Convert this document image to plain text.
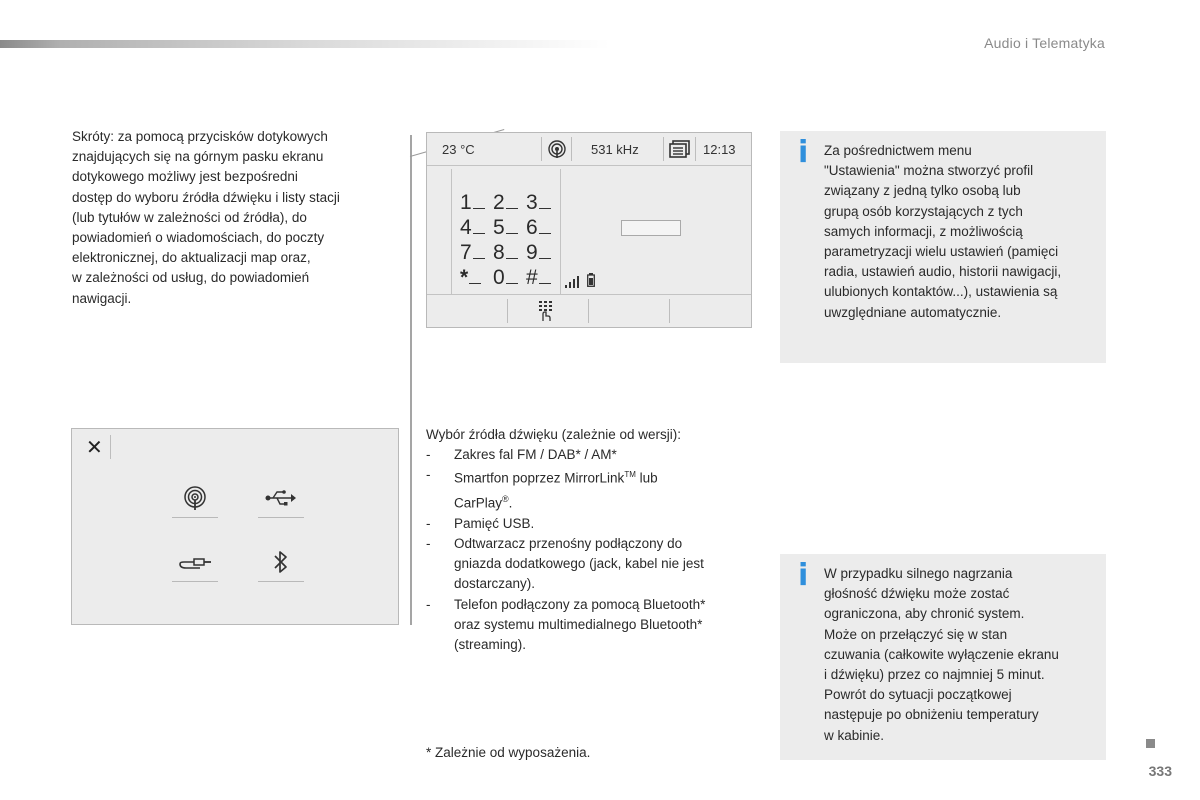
Audio i Telematyka

Skróty: za pomocą przycisków dotykowych
znajdujących się na górnym pasku ekranu
dotykowego możliwy jest bezpośredni
dostęp do wyboru źródła dźwięku i listy stacji
(lub tytułów w zależności od źródła), do
powiadomień o wiadomościach, do poczty
elektronicznej, do aktualizacji map oraz,
w zależności od usług, do powiadomień
nawigacji.

23 °C	531 kHz	12:13
1 2 3
4 5 6
7 8 9
* 0 #
✕

Wybór źródła dźwięku (zależnie od wersji):

- Zakres fal FM / DAB* / AM*

- Smartfon poprzez MirrorLink™ lub
CarPlay®.

- Pamięć USB.

- Odtwarzacz przenośny podłączony do
gniazda dodatkowego (jack, kabel nie jest
dostarczany).

- Telefon podłączony za pomocą Bluetooth*
oraz systemu multimedialnego Bluetooth*
(streaming).

i Za pośrednictwem menu
"Ustawienia" można stworzyć profil
związany z jedną tylko osobą lub
grupą osób korzystających z tych
samych informacji, z możliwością
parametryzacji wielu ustawień (pamięci
radia, ustawień audio, historii nawigacji,
ulubionych kontaktów...), ustawienia są
uwzględniane automatycznie.

i W przypadku silnego nagrzania
głośność dźwięku może zostać
ograniczona, aby chronić system.
Może on przełączyć się w stan
czuwania (całkowite wyłączenie ekranu
i dźwięku) przez co najmniej 5 minut.
Powrót do sytuacji początkowej
następuje po obniżeniu temperatury
w kabinie.

* Zależnie od wyposażenia.
333
